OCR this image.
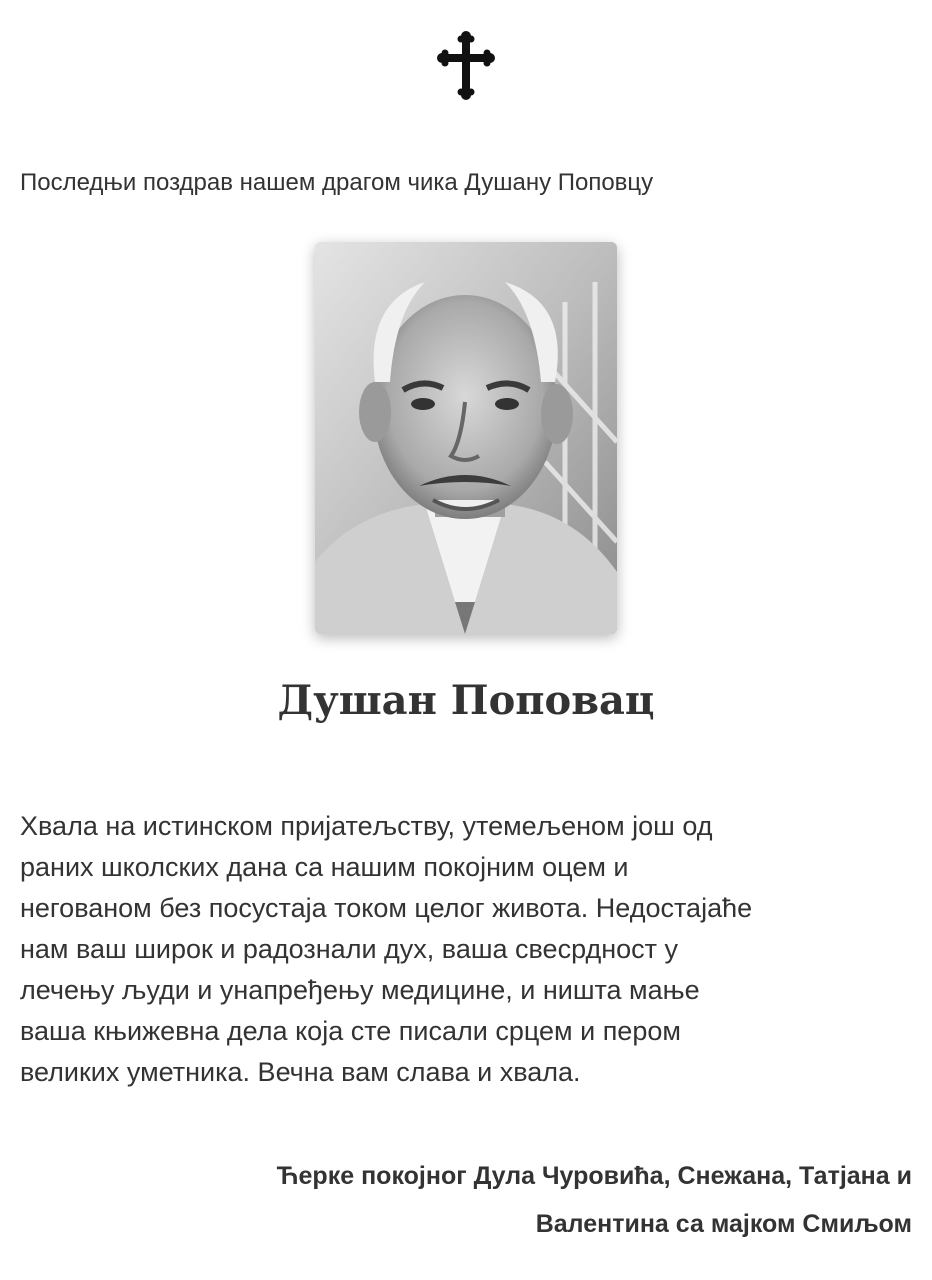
Последњи поздрав нашем драгом чика Душану Поповцу

Душан Поповац
Хвала на истинском пријатељству, утемељеном још од
раних школских дана са нашим покојним оцем и
негованом без посустаја током целог живота. Недостајаће
нам ваш широк и радознали дух, ваша свесрдност у
лечењу људи и унапређењу медицине, и ништа мање
ваша књижевна дела која сте писали срцем и пером
великих уметника. Вечна вам слава и хвала.
Ћерке покојног Дула Чуровића, Снежана, Татјана и
Валентина са мајком Смиљом
